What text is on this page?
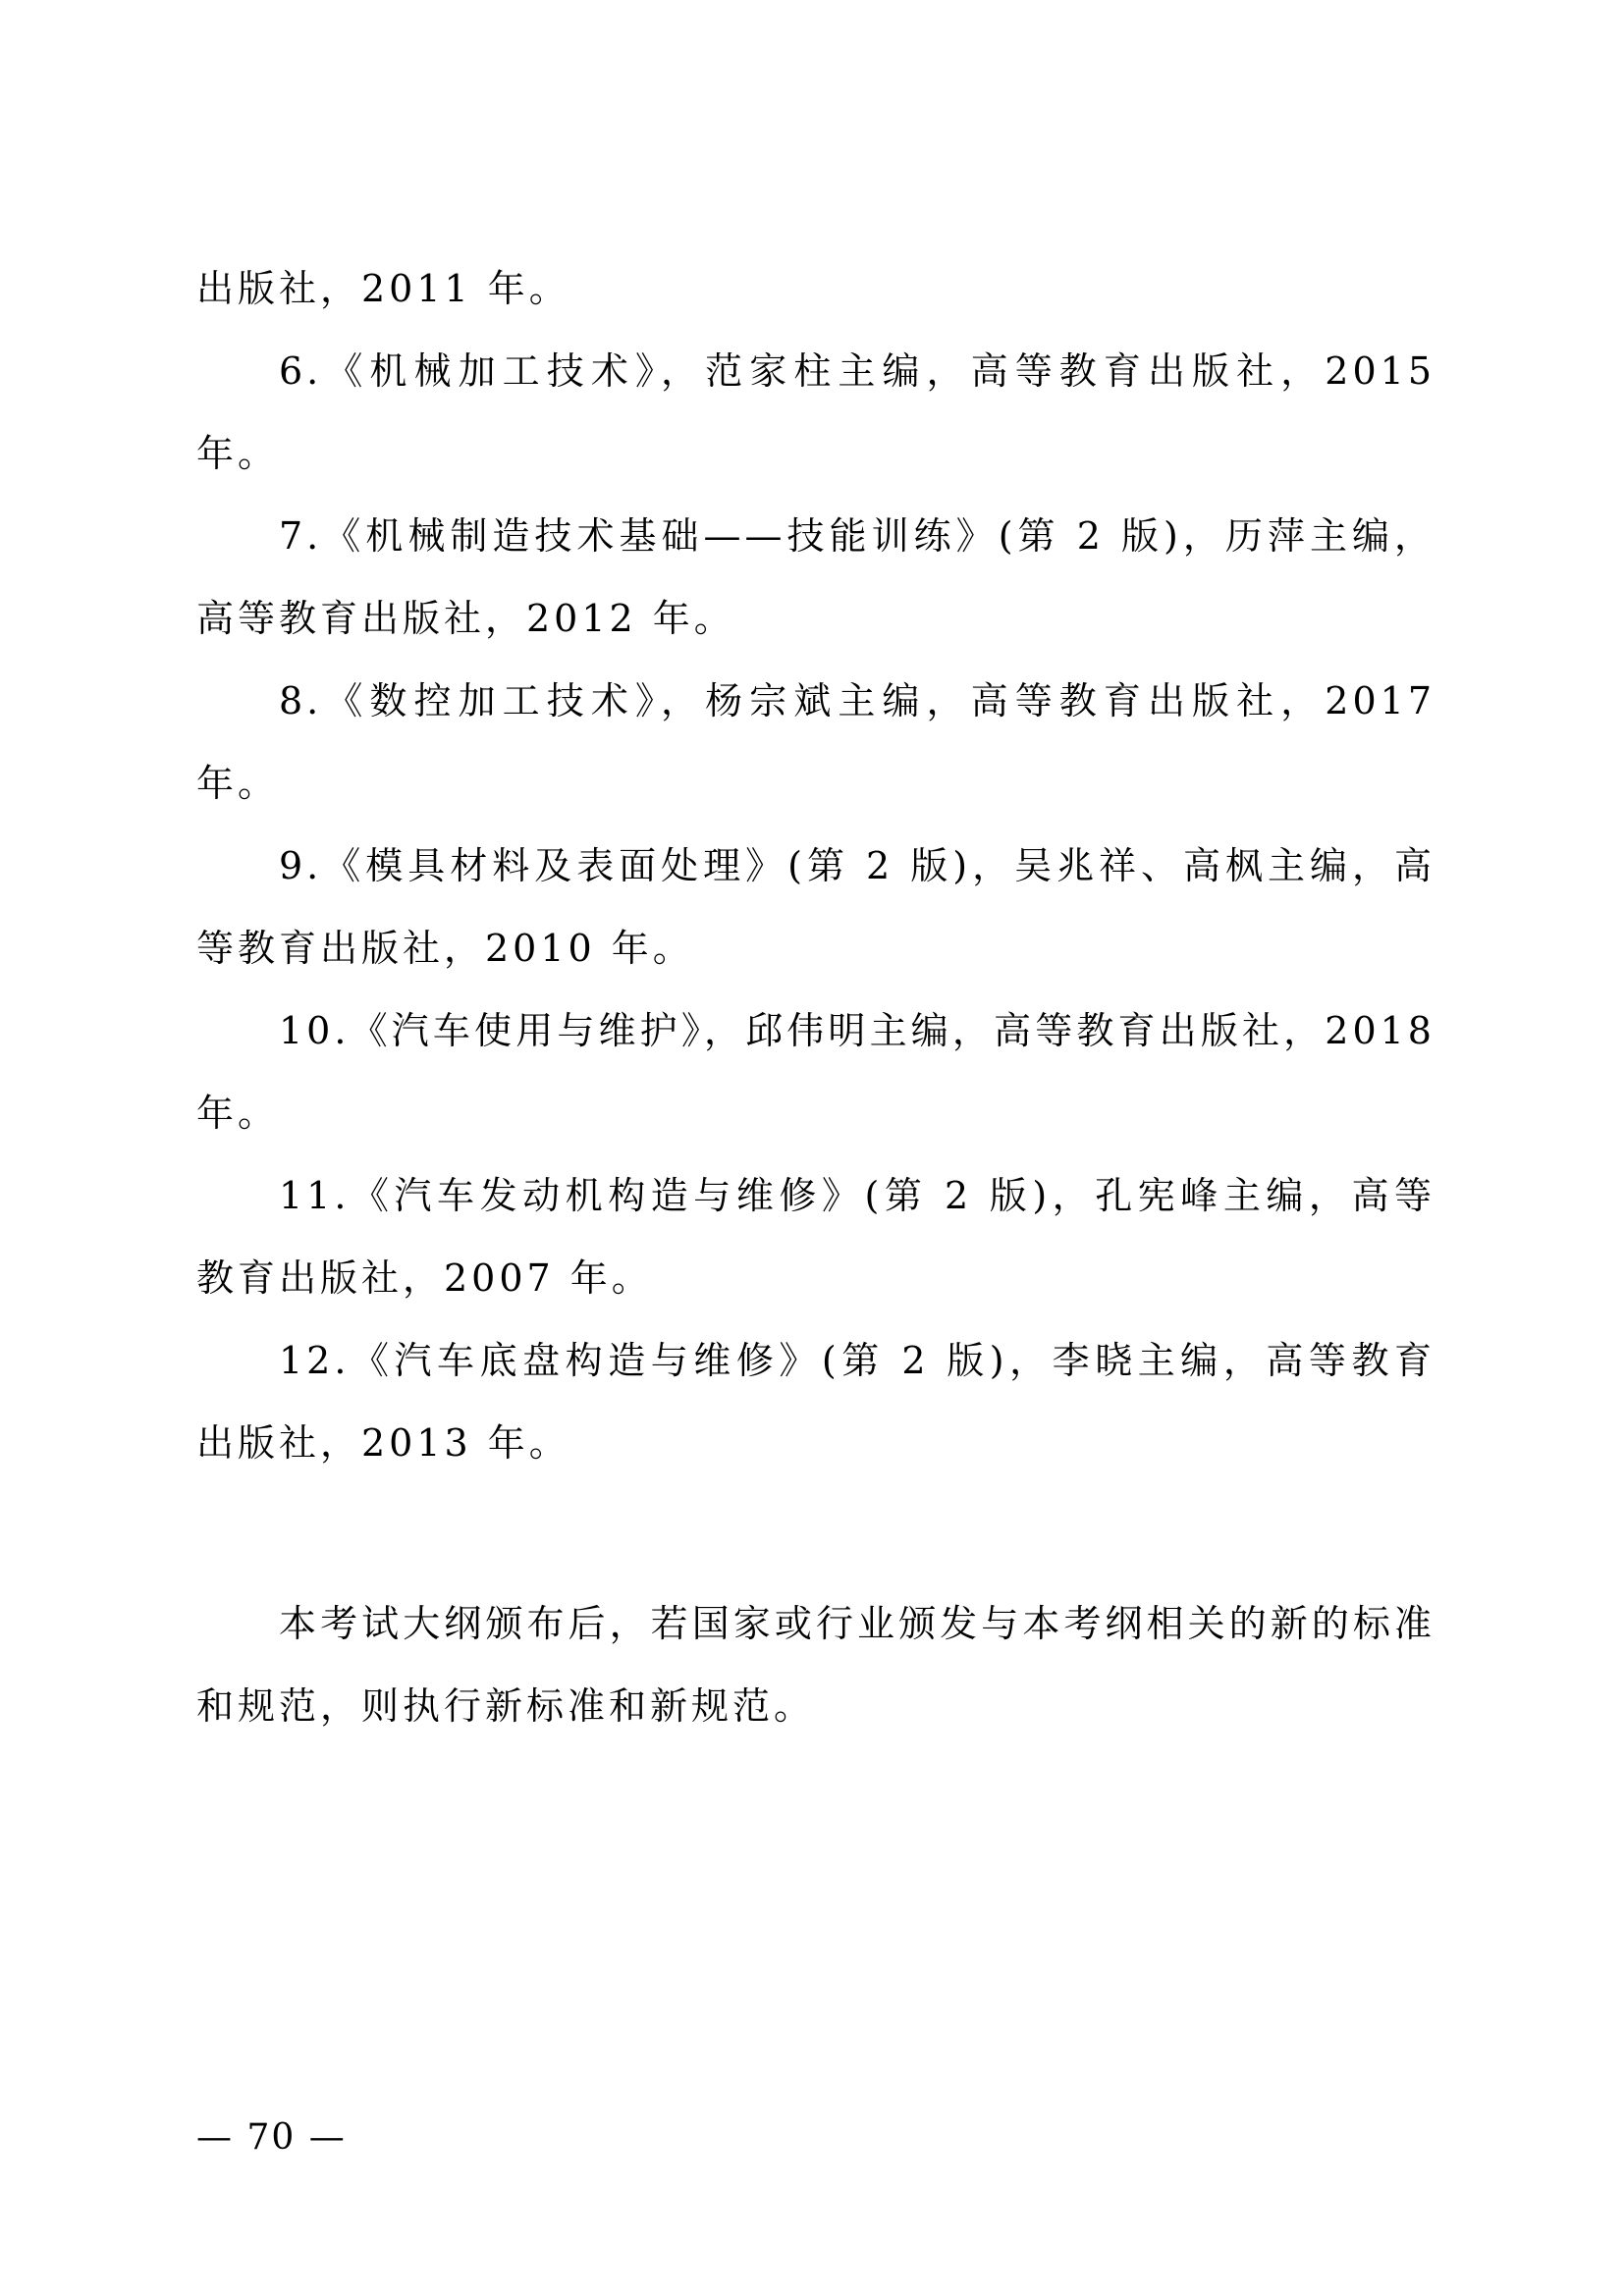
出版社，2011 年。

6.《机械加工技术》，范家柱主编，高等教育出版社，2015 年。

7.《机械制造技术基础——技能训练》(第 2 版)，历萍主编，高等教育出版社，2012 年。

8.《数控加工技术》，杨宗斌主编，高等教育出版社，2017 年。

9.《模具材料及表面处理》(第 2 版)，吴兆祥、高枫主编，高等教育出版社，2010 年。

10.《汽车使用与维护》，邱伟明主编，高等教育出版社，2018 年。

11.《汽车发动机构造与维修》(第 2 版)，孔宪峰主编，高等教育出版社，2007 年。

12.《汽车底盘构造与维修》(第 2 版)，李晓主编，高等教育出版社，2013 年。

本考试大纲颁布后，若国家或行业颁发与本考纲相关的新的标准和规范，则执行新标准和新规范。

— 70 —
